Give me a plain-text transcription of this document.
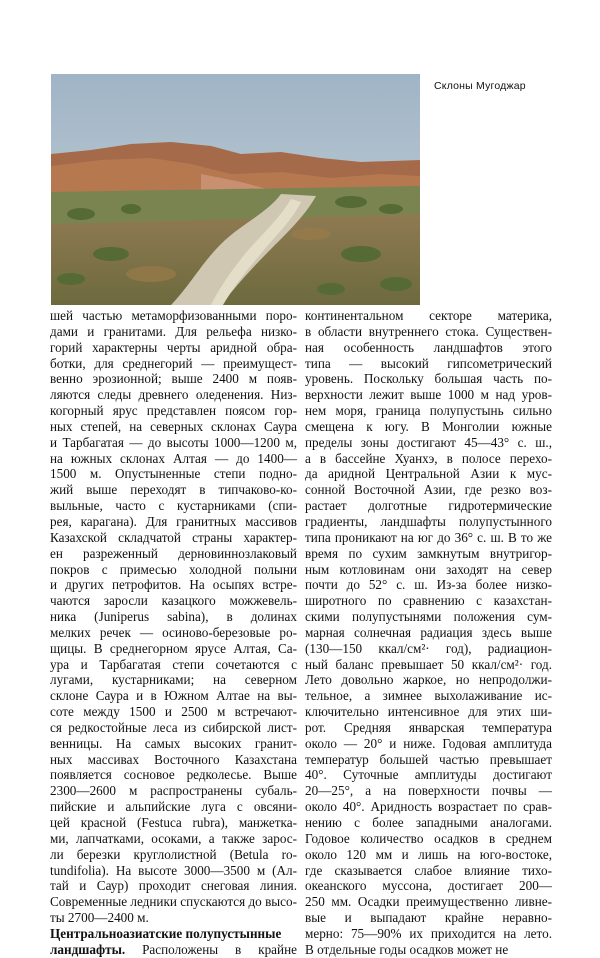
Склоны Мугоджар
шей частью метаморфизованными поро-
дами и гранитами. Для рельефа низко-
горий характерны черты аридной обра-
ботки, для среднегорий — преимущест-
венно эрозионной; выше 2400 м появ-
ляются следы древнего оледенения. Низ-
когорный ярус представлен поясом гор-
ных степей, на северных склонах Саура
и Тарбагатая — до высоты 1000—1200 м,
на южных склонах Алтая — до 1400—
1500 м. Опустыненные степи подно-
жий выше переходят в типчаково-ко-
выльные, часто с кустарниками (спи-
рея, карагана). Для гранитных массивов
Казахской складчатой страны характер-
ен разреженный дерновиннозлаковый
покров с примесью холодной полыни
и других петрофитов. На осыпях встре-
чаются заросли казацкого можжевель-
ника (Juniperus sabina), в долинах
мелких речек — осиново-березовые ро-
щицы. В среднегорном ярусе Алтая, Са-
ура и Тарбагатая степи сочетаются с
лугами, кустарниками; на северном
склоне Саура и в Южном Алтае на вы-
соте между 1500 и 2500 м встречают-
ся редкостойные леса из сибирской лист-
венницы. На самых высоких гранит-
ных массивах Восточного Казахстана
появляется сосновое редколесье. Выше
2300—2600 м распространены субаль-
пийские и альпийские луга с овсяни-
цей красной (Festuca rubra), манжетка-
ми, лапчатками, осоками, а также зарос-
ли березки круглолистной (Betula ro-
tundifolia). На высоте 3000—3500 м (Ал-
тай и Саур) проходит снеговая линия.
Современные ледники спускаются до высо-
ты 2700—2400 м.
Центральноазиатские полупустынные
ландшафты. Расположены в крайне
континентальном секторе материка,
в области внутреннего стока. Существен-
ная особенность ландшафтов этого
типа — высокий гипсометрический
уровень. Поскольку большая часть по-
верхности лежит выше 1000 м над уров-
нем моря, граница полупустынь сильно
смещена к югу. В Монголии южные
пределы зоны достигают 45—43° с. ш.,
а в бассейне Хуанхэ, в полосе перехо-
да аридной Центральной Азии к мус-
сонной Восточной Азии, где резко воз-
растает долготные гидротермические
градиенты, ландшафты полупустынного
типа проникают на юг до 36° с. ш. В то же
время по сухим замкнутым внутригор-
ным котловинам они заходят на север
почти до 52° с. ш. Из-за более низко-
широтного по сравнению с казахстан-
скими полупустынями положения сум-
марная солнечная радиация здесь выше
(130—150 ккал/см²· год), радиацион-
ный баланс превышает 50 ккал/см²· год.
Лето довольно жаркое, но непродолжи-
тельное, а зимнее выхолаживание ис-
ключительно интенсивное для этих ши-
рот. Средняя январская температура
около — 20° и ниже. Годовая амплитуда
температур большей частью превышает
40°. Суточные амплитуды достигают
20—25°, а на поверхности почвы —
около 40°. Аридность возрастает по срав-
нению с более западными аналогами.
Годовое количество осадков в среднем
около 120 мм и лишь на юго-востоке,
где сказывается слабое влияние тихо-
океанского муссона, достигает 200—
250 мм. Осадки преимущественно ливне-
вые и выпадают крайне неравно-
мерно: 75—90% их приходится на лето.
В отдельные годы осадков может не
